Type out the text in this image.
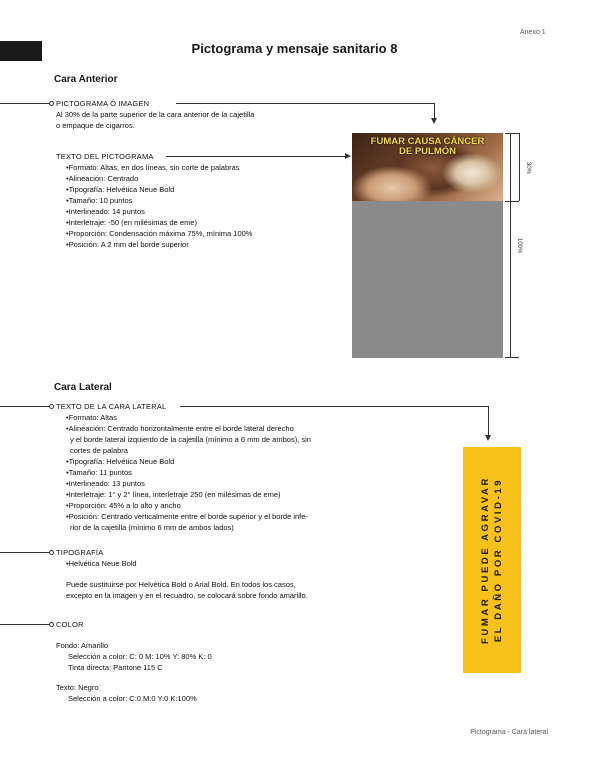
Anexo 1
Pictograma y mensaje sanitario 8
Cara Anterior
PICTOGRAMA Ó IMAGEN
Al 30% de la parte superior de la cara anterior de la cajetilla
o empaque de cigarros.
TEXTO DEL PICTOGRAMA
•Formato: Altas, en dos líneas, sin corte de palabras
•Alineación: Centrado
•Tipografía: Helvética Neue Bold
•Tamaño: 10 puntos
•Interlineado: 14 puntos
•Interletraje: -50 (en milésimas de eme)
•Proporción: Condensación máxima 75%, mínima 100%
•Posición: A 2 mm del borde superior
FUMAR CAUSA CÁNCER
DE PULMÓN
30%
100%
Cara Lateral
TEXTO DE LA CARA LATERAL
•Formato: Altas
•Alineación: Centrado horizontalmente entre el borde lateral derecho
y el borde lateral izquierdo de la cajetilla (mínimo a 6 mm de ambos), sin
cortes de palabra
•Tipografía: Helvética Neue Bold
•Tamaño: 11 puntos
•Interlineado: 13 puntos
•Interletraje: 1° y 2° línea, interletraje 250 (en milésimas de eme)
•Proporción: 45% a lo alto y ancho
•Posición: Centrado verticalmente entre el borde superior y el borde infe-
rior de la cajetilla (mínimo 6 mm de ambos lados)
TIPOGRAFÍA
•Helvética Neue Bold
Puede sustituirse por Helvética Bold o Arial Bold. En todos los casos,
excepto en la imagen y en el recuadro, se colocará sobre fondo amarillo.
COLOR
Fondo: Amarillo
Selección a color: C: 0 M: 10% Y: 80% K: 0
Tinta directa: Pantone 115 C
Texto: Negro
Selección a color: C:0 M:0 Y:0 K:100%
FUMAR PUEDE AGRAVAR EL DAÑO POR COVID-19
Pictograma - Cara lateral
